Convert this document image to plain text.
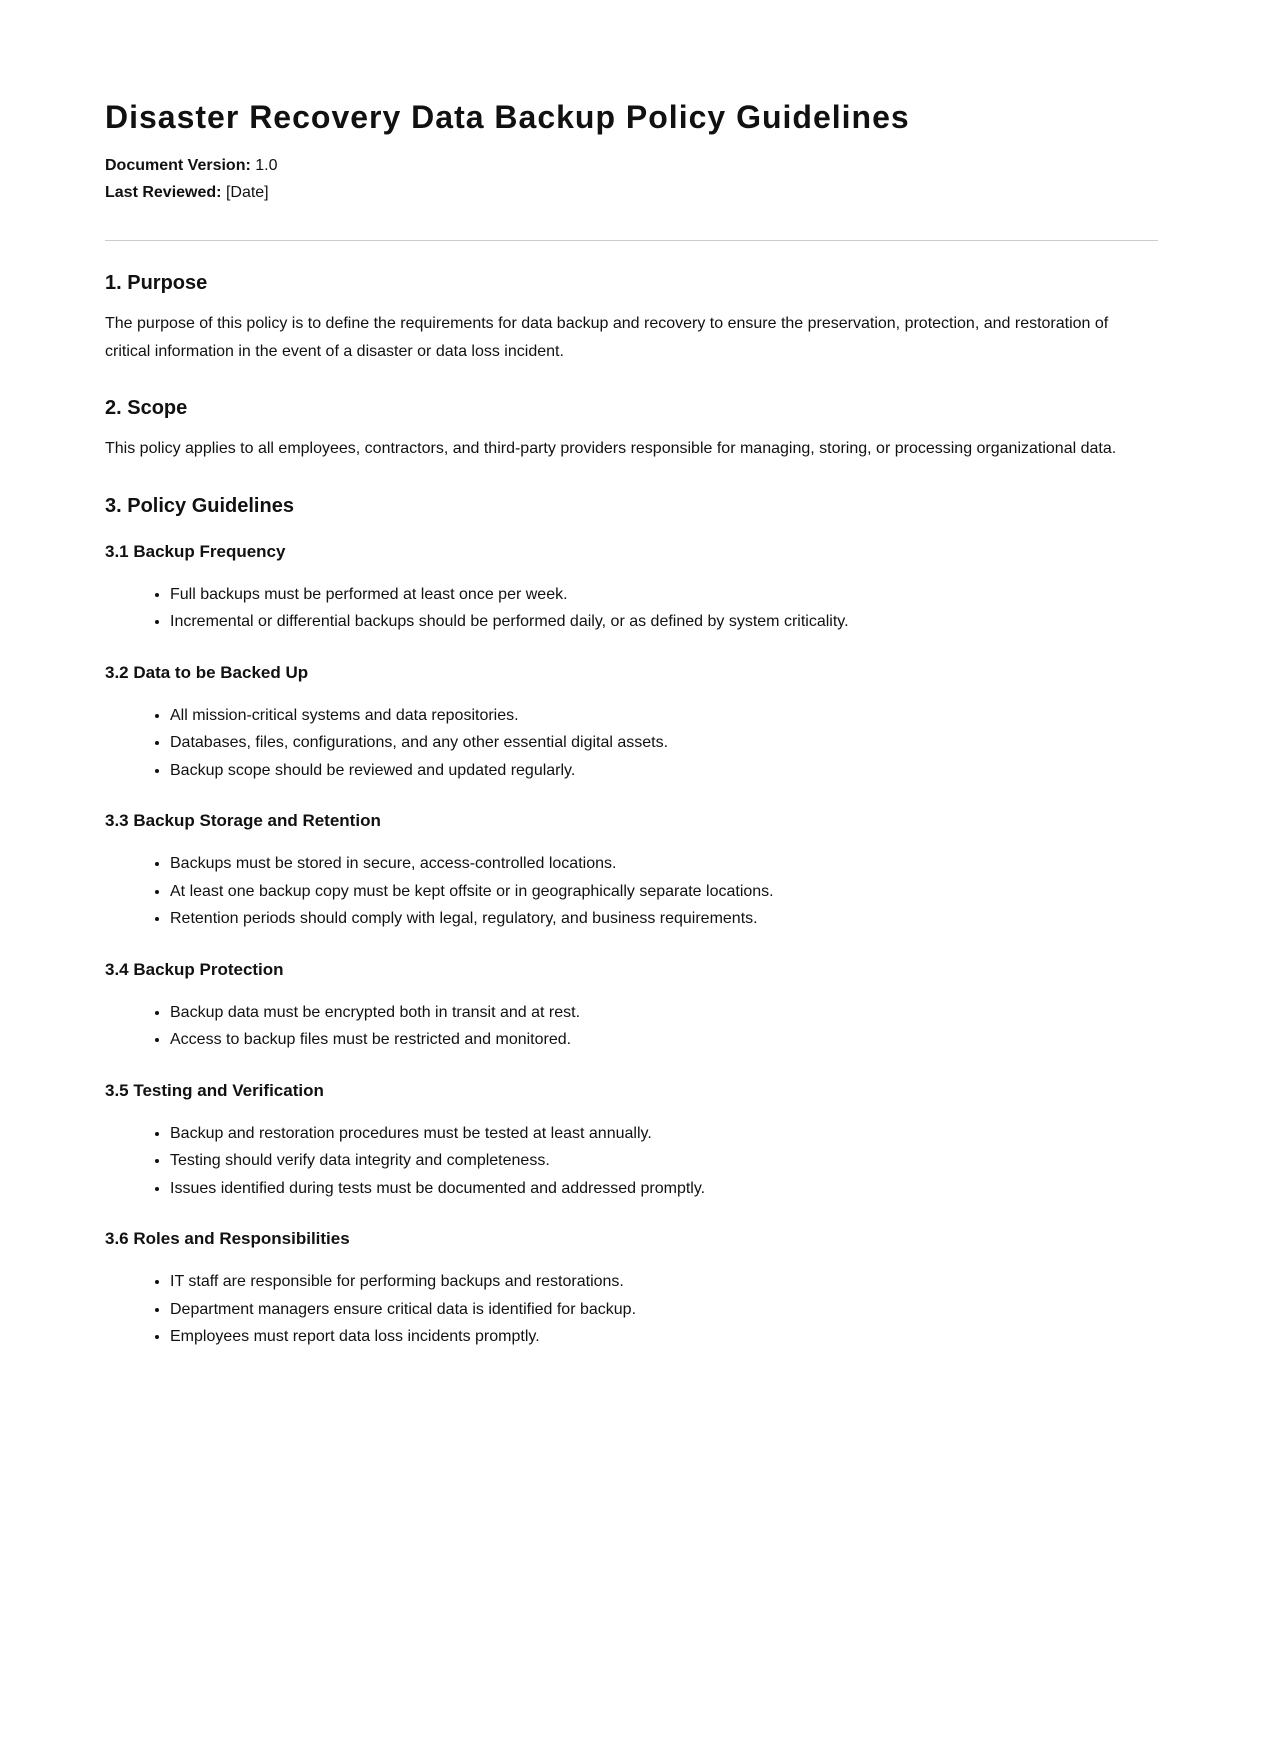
Disaster Recovery Data Backup Policy Guidelines
Document Version: 1.0
Last Reviewed: [Date]
1. Purpose

The purpose of this policy is to define the requirements for data backup and recovery to ensure the preservation, protection, and restoration of critical information in the event of a disaster or data loss incident.

2. Scope

This policy applies to all employees, contractors, and third-party providers responsible for managing, storing, or processing organizational data.

3. Policy Guidelines
3.1 Backup Frequency
• Full backups must be performed at least once per week.
• Incremental or differential backups should be performed daily, or as defined by system criticality.
3.2 Data to be Backed Up
• All mission-critical systems and data repositories.
• Databases, files, configurations, and any other essential digital assets.
• Backup scope should be reviewed and updated regularly.
3.3 Backup Storage and Retention
• Backups must be stored in secure, access-controlled locations.
• At least one backup copy must be kept offsite or in geographically separate locations.
• Retention periods should comply with legal, regulatory, and business requirements.
3.4 Backup Protection
• Backup data must be encrypted both in transit and at rest.
• Access to backup files must be restricted and monitored.
3.5 Testing and Verification
• Backup and restoration procedures must be tested at least annually.
• Testing should verify data integrity and completeness.
• Issues identified during tests must be documented and addressed promptly.
3.6 Roles and Responsibilities
• IT staff are responsible for performing backups and restorations.
• Department managers ensure critical data is identified for backup.
• Employees must report data loss incidents promptly.
